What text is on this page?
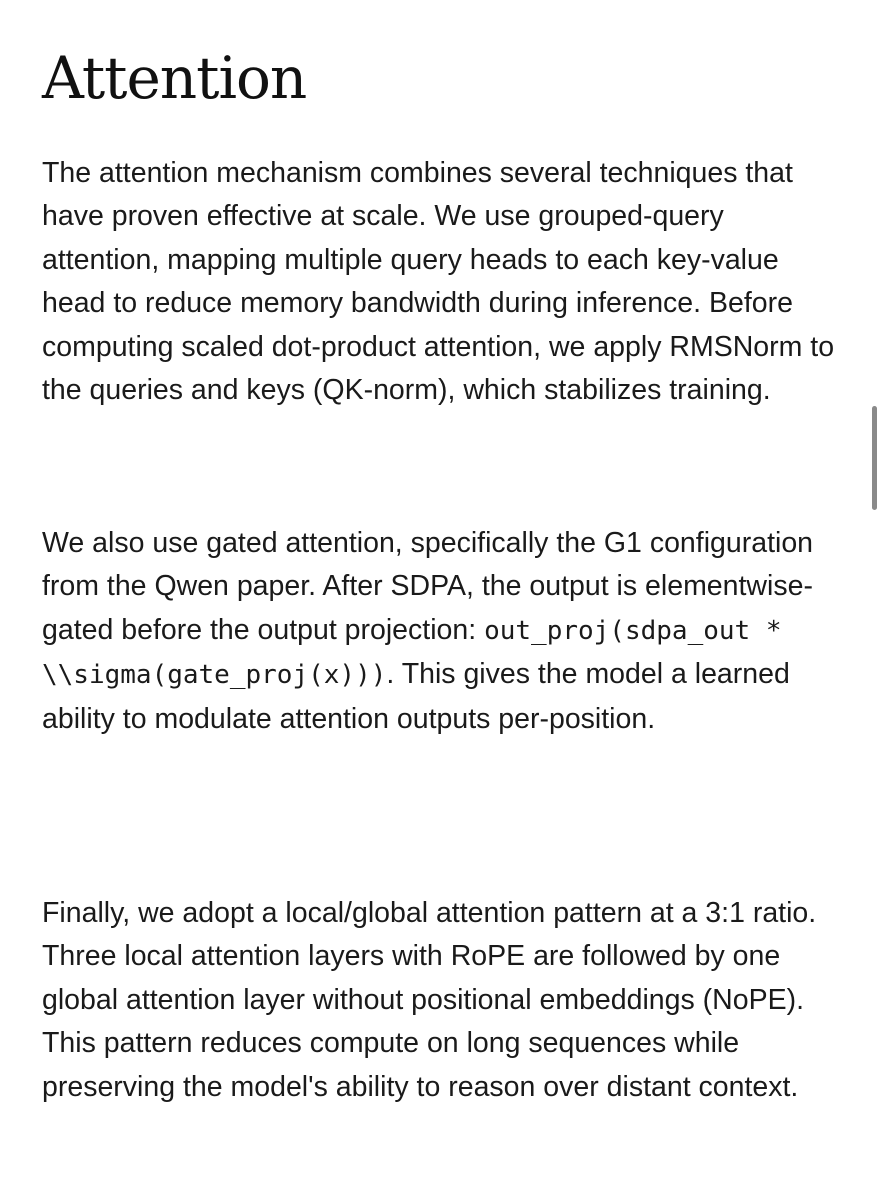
Attention

The attention mechanism combines several techniques that have proven effective at scale. We use grouped-query attention, mapping multiple query heads to each key-value head to reduce memory bandwidth during inference. Before computing scaled dot-product attention, we apply RMSNorm to the queries and keys (QK-norm), which stabilizes training.

We also use gated attention, specifically the G1 configuration from the Qwen paper. After SDPA, the output is elementwise-gated before the output projection: out_proj(sdpa_out * \\sigma(gate_proj(x))). This gives the model a learned ability to modulate attention outputs per-position.

Finally, we adopt a local/global attention pattern at a 3:1 ratio. Three local attention layers with RoPE are followed by one global attention layer without positional embeddings (NoPE). This pattern reduces compute on long sequences while preserving the model's ability to reason over distant context.
